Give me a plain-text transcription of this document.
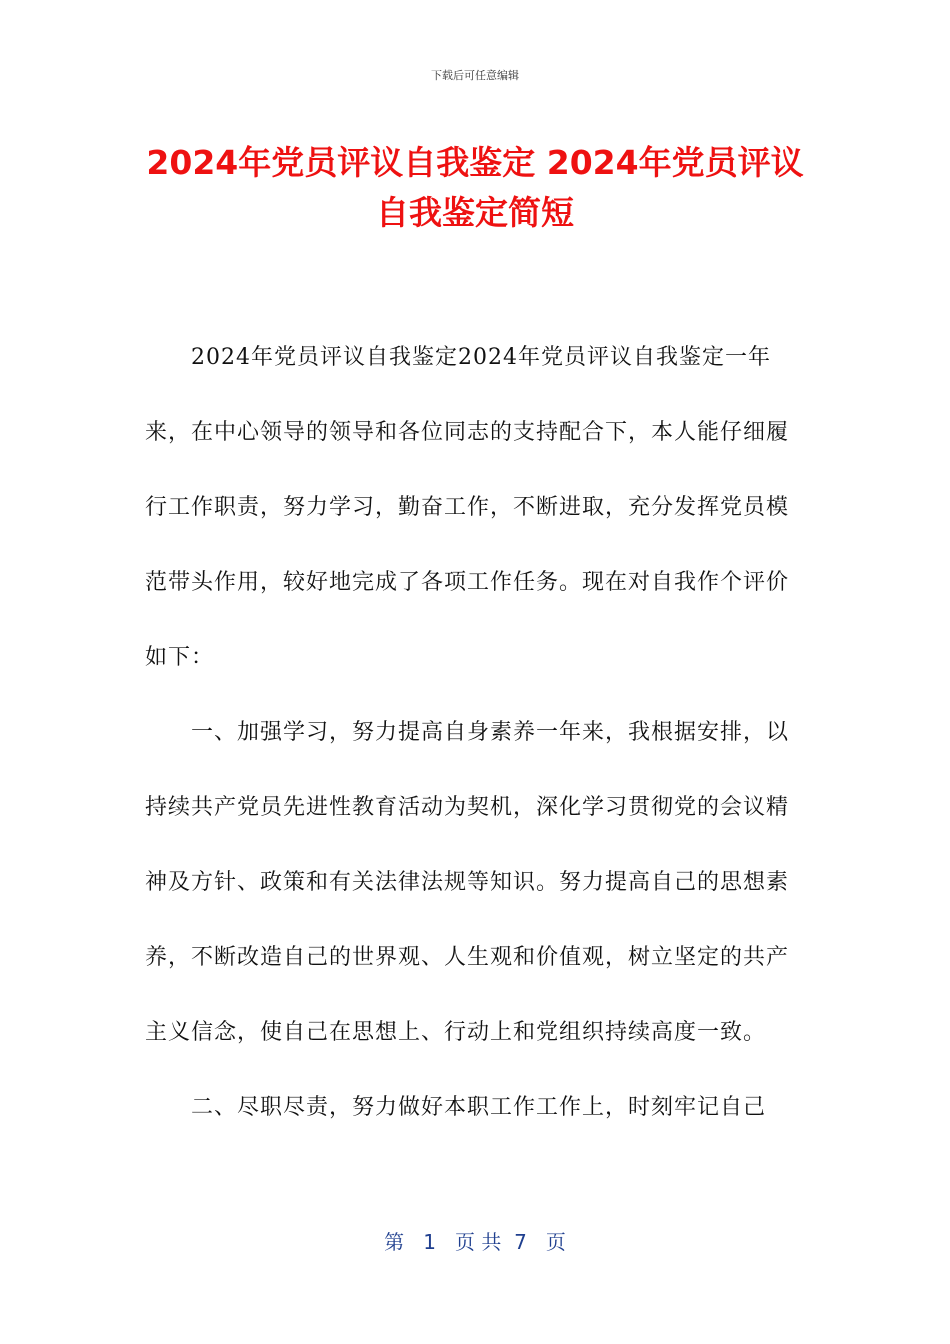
下载后可任意编辑
2024年党员评议自我鉴定 2024年党员评议自我鉴定简短

2024年党员评议自我鉴定2024年党员评议自我鉴定一年来，在中心领导的领导和各位同志的支持配合下，本人能仔细履行工作职责，努力学习，勤奋工作，不断进取，充分发挥党员模范带头作用，较好地完成了各项工作任务。现在对自我作个评价如下：

一、加强学习，努力提高自身素养一年来，我根据安排，以持续共产党员先进性教育活动为契机，深化学习贯彻党的会议精神及方针、政策和有关法律法规等知识。努力提高自己的思想素养，不断改造自己的世界观、人生观和价值观，树立坚定的共产主义信念，使自己在思想上、行动上和党组织持续高度一致。

二、尽职尽责，努力做好本职工作工作上，时刻牢记自己

第 1 页 共 7 页
